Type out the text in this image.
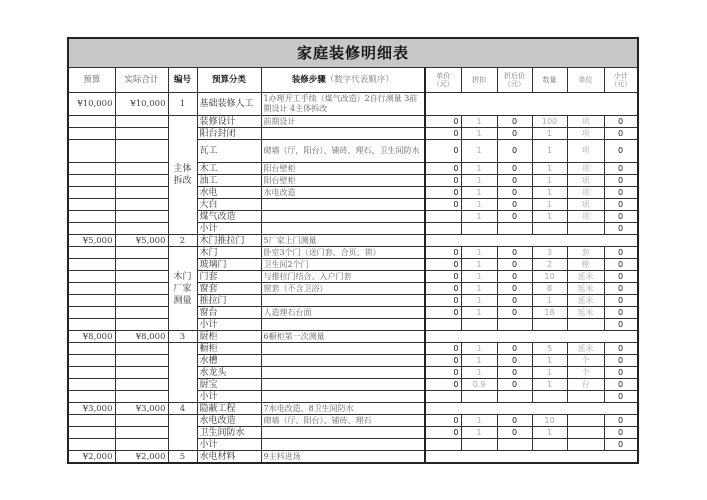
家庭装修明细表										
预算	实际合计	编号	预算分类	装修步骤（数字代表顺序）	单价（元）	折扣	折后价（元）	数量	单位	小计（元）
¥10,000	¥10,000	1	基础装修人工	1办理开工手续（煤气改造）2自行测量 3前期设计 4主体拆改						
		主体拆改	装修设计	前期设计	0	1	0	100	项	0
			阳台封闭		0	1	0	1	项	0
			瓦工	砌墙（厅，阳台）、铺砖、理石、卫生间防水	0	1	0	1	项	0
			木工	阳台壁柜	0	1	0	1	项	0
			油工	阳台壁柜	0	1	0	1	项	0
			水电	水电改造	0	1	0	1	项	0
			大白		0	1	0	1	项	0
			煤气改造			1	0	1	项	0
			小计							0
¥5,000	¥5,000	2	木门推拉门	5厂家上门测量						
		木门厂家测量	木门	卧室3个门（送门套、合页、锁）	0	1	0	3	套	0
			玻璃门	卫生间2个门	0	1	0	2	樘	0
			门套	与推拉门结合、入户门套	0	1	0	10	延米	0
			窗套	窗套（不含卫浴）	0	1	0	8	延米	0
			推拉门		0	1	0	1	延米	0
			窗台	人造理石台面	0	1	0	18	延米	0
			小计							0
¥8,000	¥8,000	3	厨柜	6橱柜第一次测量						
			橱柜		0	1	0	5	延米	0
			水槽		0	1	0	1	个	0
			水龙头		0	1	0	1	个	0
			厨宝		0	0.9	0	1	台	0
			小计							0
¥3,000	¥3,000	4	隐蔽工程	7水电改造、8卫生间防水						
			水电改造	砌墙（厅、阳台）、铺砖、理石	0	1	0	10		0
			卫生间防水		0	1	0	1		0
			小计							0
¥2,000	¥2,000	5	水电材料	9主料进场						
